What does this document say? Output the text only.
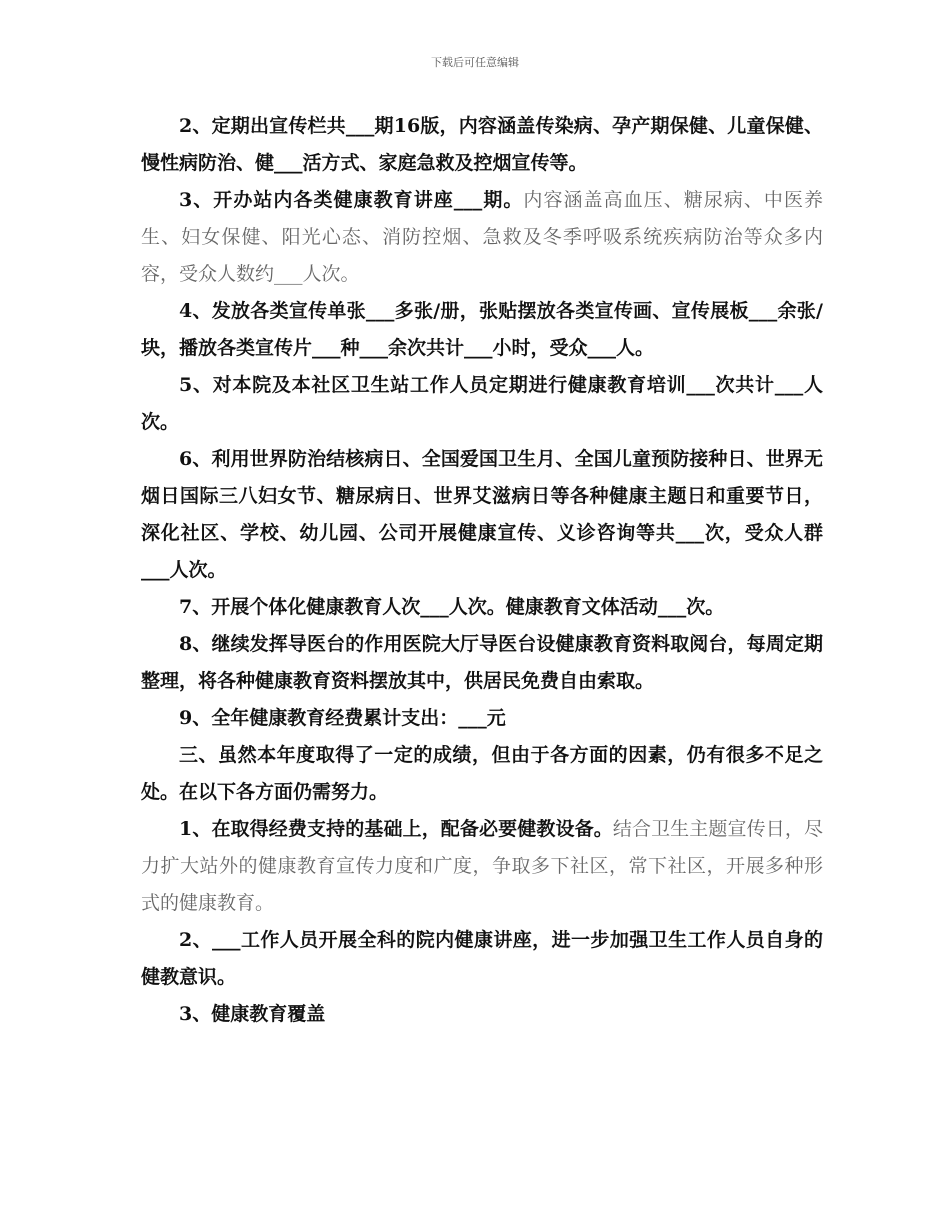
下载后可任意编辑

2、定期出宣传栏共___期16版，内容涵盖传染病、孕产期保健、儿童保健、慢性病防治、健___活方式、家庭急救及控烟宣传等。

3、开办站内各类健康教育讲座___期。内容涵盖高血压、糖尿病、中医养生、妇女保健、阳光心态、消防控烟、急救及冬季呼吸系统疾病防治等众多内容，受众人数约___人次。

4、发放各类宣传单张___多张/册，张贴摆放各类宣传画、宣传展板___余张/块，播放各类宣传片___种___余次共计___小时，受众___人。

5、对本院及本社区卫生站工作人员定期进行健康教育培训___次共计___人次。

6、利用世界防治结核病日、全国爱国卫生月、全国儿童预防接种日、世界无烟日国际三八妇女节、糖尿病日、世界艾滋病日等各种健康主题日和重要节日，深化社区、学校、幼儿园、公司开展健康宣传、义诊咨询等共___次，受众人群___人次。

7、开展个体化健康教育人次___人次。健康教育文体活动___次。

8、继续发挥导医台的作用医院大厅导医台设健康教育资料取阅台，每周定期整理，将各种健康教育资料摆放其中，供居民免费自由索取。

9、全年健康教育经费累计支出：___元

三、虽然本年度取得了一定的成绩，但由于各方面的因素，仍有很多不足之处。在以下各方面仍需努力。

1、在取得经费支持的基础上，配备必要健教设备。结合卫生主题宣传日，尽力扩大站外的健康教育宣传力度和广度，争取多下社区，常下社区，开展多种形式的健康教育。

2、___工作人员开展全科的院内健康讲座，进一步加强卫生工作人员自身的健教意识。

3、健康教育覆盖
